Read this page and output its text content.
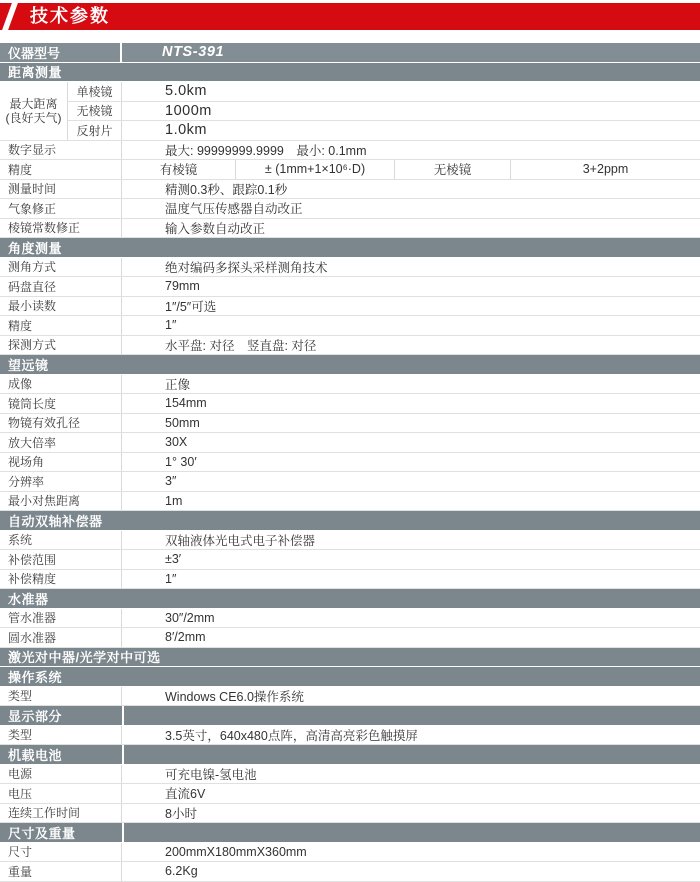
技术参数
仪器型号	NTS-391
距离测量
最大距离
(良好天气)
单棱镜	5.0km
无棱镜	1000m
反射片	1.0km
数字显示	最大: 99999999.9999　最小: 0.1mm
精度	有棱镜	± (1mm+1×10⁶·D)	无棱镜	3+2ppm
测量时间	精测0.3秒、跟踪0.1秒
气象修正	温度气压传感器自动改正
棱镜常数修正	输入参数自动改正
角度测量
测角方式	绝对编码多探头采样测角技术
码盘直径	79mm
最小读数	1″/5″可选
精度	1″
探测方式	水平盘: 对径　竖直盘: 对径
望远镜
成像	正像
镜筒长度	154mm
物镜有效孔径	50mm
放大倍率	30X
视场角	1° 30′
分辨率	3″
最小对焦距离	1m
自动双轴补偿器
系统	双轴液体光电式电子补偿器
补偿范围	±3′
补偿精度	1″
水准器
管水准器	30″/2mm
圆水准器	8′/2mm
激光对中器/光学对中可选
操作系统
类型	Windows CE6.0操作系统
显示部分
类型	3.5英寸，640x480点阵，高清高亮彩色触摸屏
机载电池
电源	可充电镍-氢电池
电压	直流6V
连续工作时间	8小时
尺寸及重量
尺寸	200mmX180mmX360mm
重量	6.2Kg
